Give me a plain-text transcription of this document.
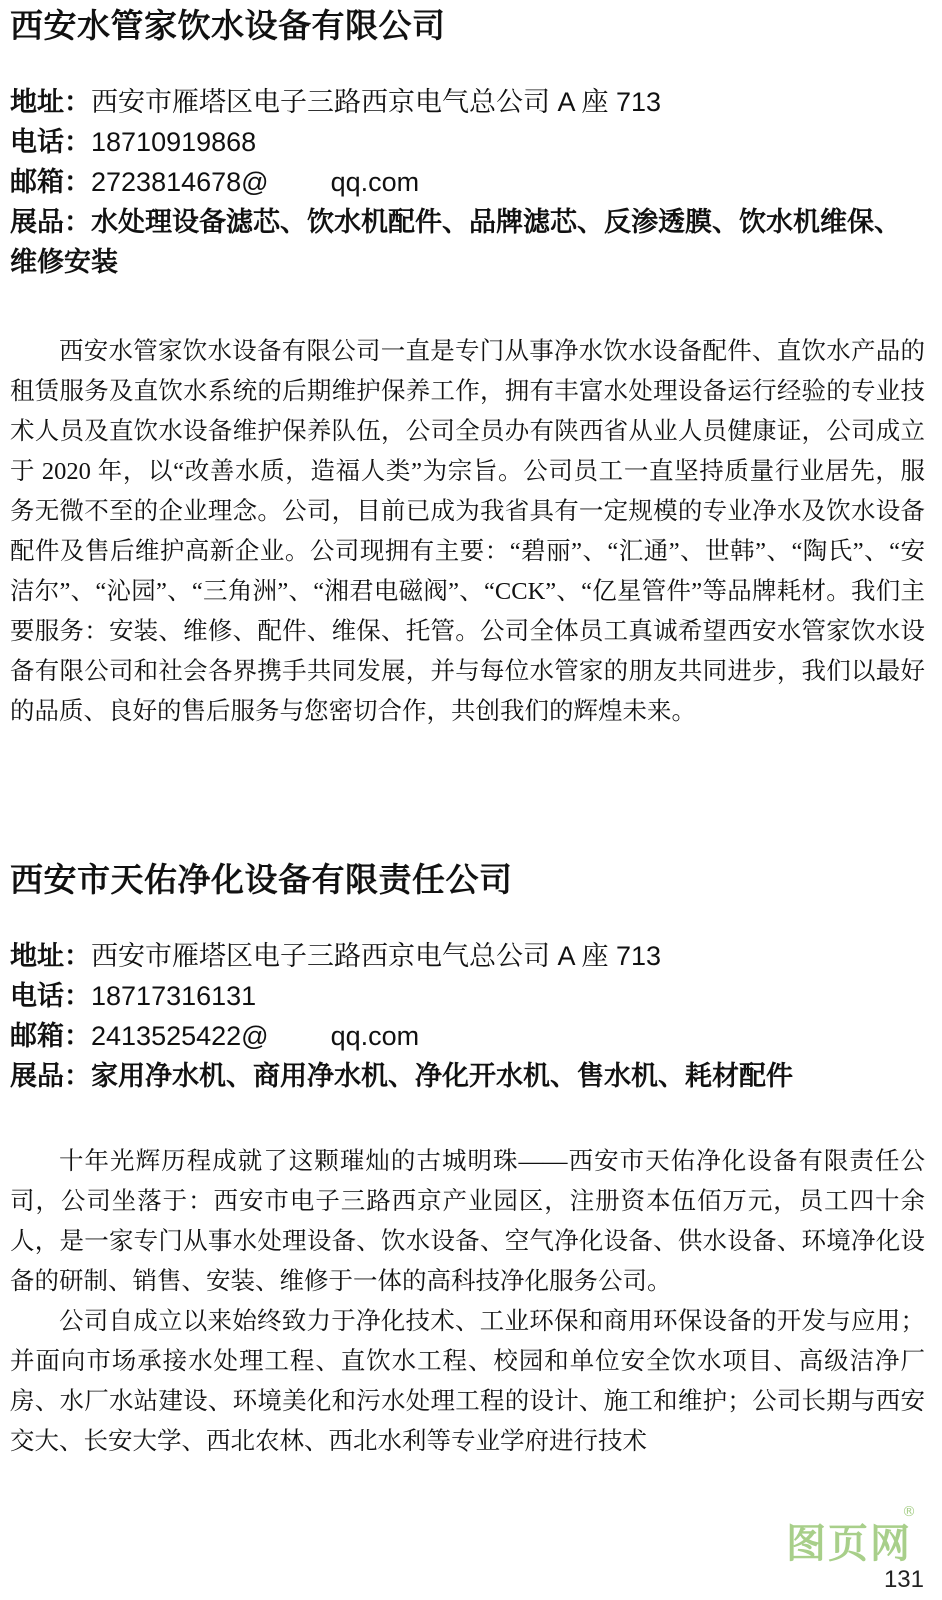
西安水管家饮水设备有限公司
地址：西安市雁塔区电子三路西京电气总公司 A 座 713
电话：18710919868
邮箱：2723814678@ qq.com
展品：水处理设备滤芯、饮水机配件、品牌滤芯、反渗透膜、饮水机维保、维修安装

西安水管家饮水设备有限公司一直是专门从事净水饮水设备配件、直饮水产品的租赁服务及直饮水系统的后期维护保养工作，拥有丰富水处理设备运行经验的专业技术人员及直饮水设备维护保养队伍，公司全员办有陕西省从业人员健康证，公司成立于 2020 年，以“改善水质，造福人类”为宗旨。公司员工一直坚持质量行业居先，服务无微不至的企业理念。公司，目前已成为我省具有一定规模的专业净水及饮水设备配件及售后维护高新企业。公司现拥有主要：“碧丽”、“汇通”、世韩”、“陶氏”、“安洁尔”、“沁园”、“三角洲”、“湘君电磁阀”、“CCK”、“亿星管件”等品牌耗材。我们主要服务：安装、维修、配件、维保、托管。公司全体员工真诚希望西安水管家饮水设备有限公司和社会各界携手共同发展，并与每位水管家的朋友共同进步，我们以最好的品质、良好的售后服务与您密切合作，共创我们的辉煌未来。

西安市天佑净化设备有限责任公司
地址：西安市雁塔区电子三路西京电气总公司 A 座 713
电话：18717316131
邮箱：2413525422@ qq.com
展品：家用净水机、商用净水机、净化开水机、售水机、耗材配件

十年光辉历程成就了这颗璀灿的古城明珠——西安市天佑净化设备有限责任公司，公司坐落于：西安市电子三路西京产业园区，注册资本伍佰万元，员工四十余人，是一家专门从事水处理设备、饮水设备、空气净化设备、供水设备、环境净化设备的研制、销售、安装、维修于一体的高科技净化服务公司。

公司自成立以来始终致力于净化技术、工业环保和商用环保设备的开发与应用；并面向市场承接水处理工程、直饮水工程、校园和单位安全饮水项目、高级洁净厂房、水厂水站建设、环境美化和污水处理工程的设计、施工和维护；公司长期与西安交大、长安大学、西北农林、西北水利等专业学府进行技术

®
图页网
131
